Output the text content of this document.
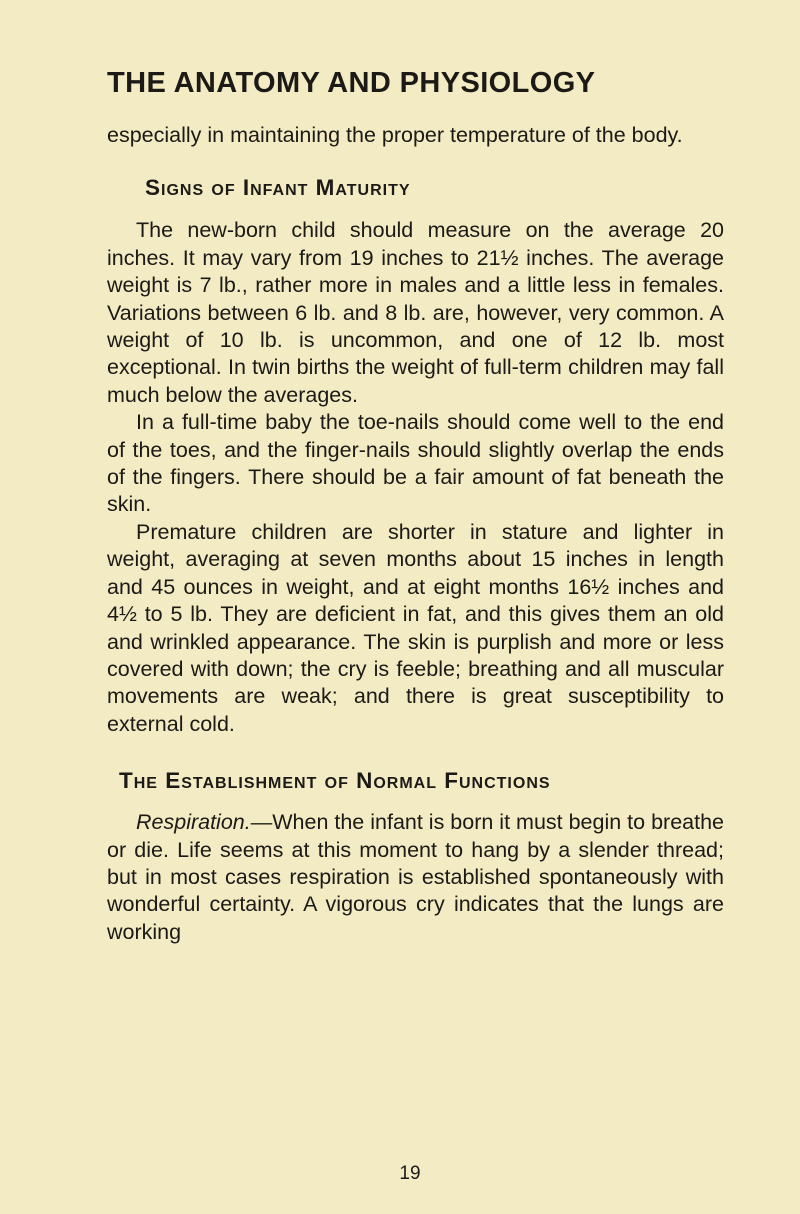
THE ANATOMY AND PHYSIOLOGY

especially in maintaining the proper temperature of the body.

Signs of Infant Maturity

The new-born child should measure on the average 20 inches. It may vary from 19 inches to 21½ inches. The average weight is 7 lb., rather more in males and a little less in females. Variations between 6 lb. and 8 lb. are, however, very common. A weight of 10 lb. is uncommon, and one of 12 lb. most exceptional. In twin births the weight of full-term children may fall much below the averages.

In a full-time baby the toe-nails should come well to the end of the toes, and the finger-nails should slightly overlap the ends of the fingers. There should be a fair amount of fat beneath the skin.

Premature children are shorter in stature and lighter in weight, averaging at seven months about 15 inches in length and 45 ounces in weight, and at eight months 16½ inches and 4½ to 5 lb. They are deficient in fat, and this gives them an old and wrinkled appearance. The skin is purplish and more or less covered with down; the cry is feeble; breathing and all muscular movements are weak; and there is great susceptibility to external cold.

The Establishment of Normal Functions

Respiration.—When the infant is born it must begin to breathe or die. Life seems at this moment to hang by a slender thread; but in most cases respiration is established spontaneously with wonderful certainty. A vigorous cry indicates that the lungs are working

19
